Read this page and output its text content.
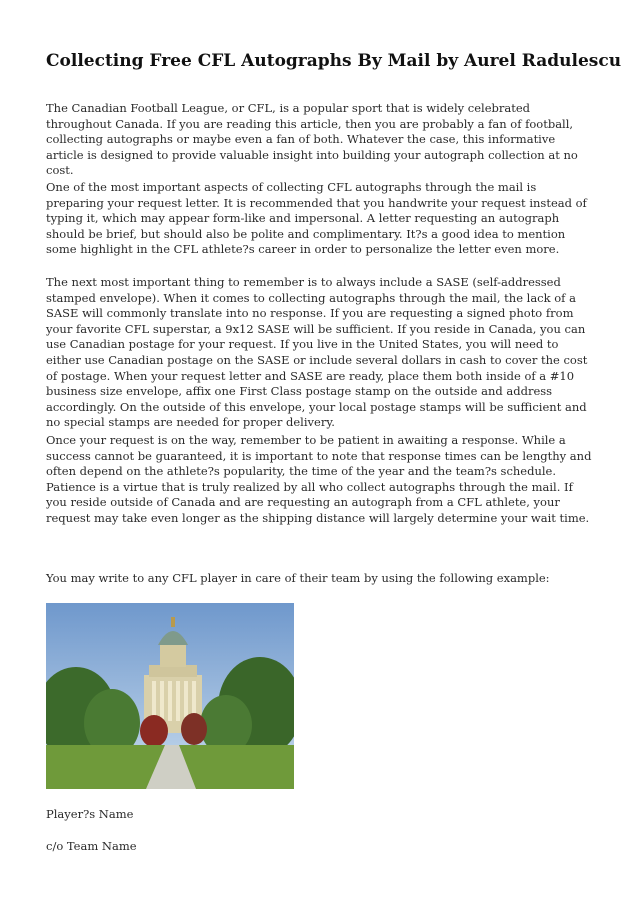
Collecting Free CFL Autographs By Mail by Aurel Radulescu

The Canadian Football League, or CFL, is a popular sport that is widely celebrated throughout Canada. If you are reading this article, then you are probably a fan of football, collecting autographs or maybe even a fan of both. Whatever the case, this informative article is designed to provide valuable insight into building your autograph collection at no cost.

One of the most important aspects of collecting CFL autographs through the mail is preparing your request letter. It is recommended that you handwrite your request instead of typing it, which may appear form-like and impersonal. A letter requesting an autograph should be brief, but should also be polite and complimentary. It?s a good idea to mention some highlight in the CFL athlete?s career in order to personalize the letter even more.

The next most important thing to remember is to always include a SASE (self-addressed stamped envelope). When it comes to collecting autographs through the mail, the lack of a SASE will commonly translate into no response. If you are requesting a signed photo from your favorite CFL superstar, a 9x12 SASE will be sufficient. If you reside in Canada, you can use Canadian postage for your request. If you live in the United States, you will need to either use Canadian postage on the SASE or include several dollars in cash to cover the cost of postage. When your request letter and SASE are ready, place them both inside of a #10 business size envelope, affix one First Class postage stamp on the outside and address accordingly. On the outside of this envelope, your local postage stamps will be sufficient and no special stamps are needed for proper delivery.

Once your request is on the way, remember to be patient in awaiting a response. While a success cannot be guaranteed, it is important to note that response times can be lengthy and often depend on the athlete?s popularity, the time of the year and the team?s schedule. Patience is a virtue that is truly realized by all who collect autographs through the mail. If you reside outside of Canada and are requesting an autograph from a CFL athlete, your request may take even longer as the shipping distance will largely determine your wait time.

You may write to any CFL player in care of their team by using the following example:

Player?s Name

c/o Team Name
